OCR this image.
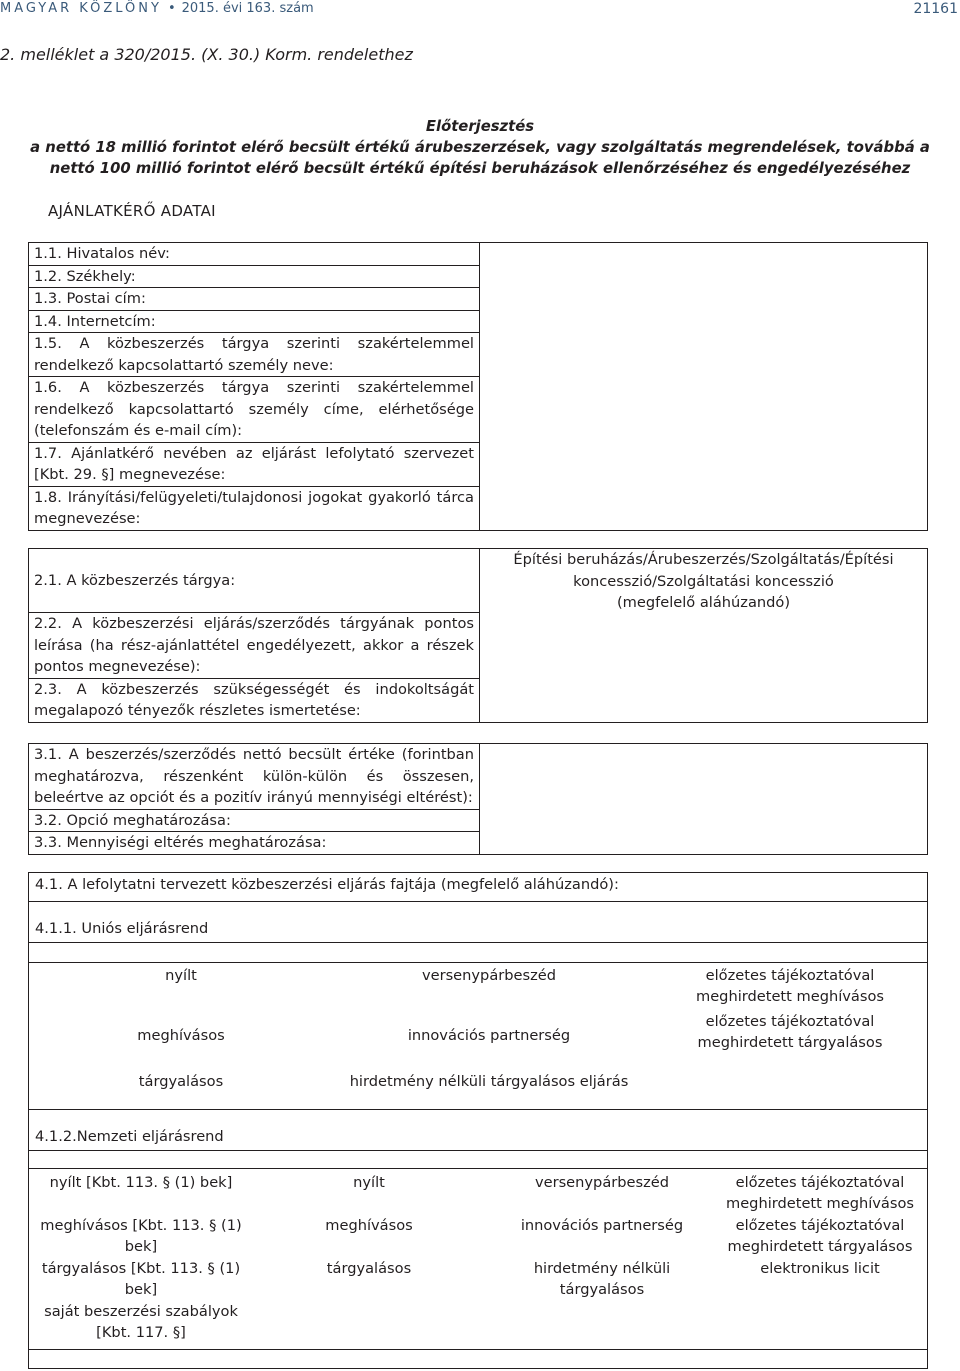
MAGYAR KÖZLÖNY • 2015. évi 163. szám	21161
2. melléklet a 320/2015. (X. 30.) Korm. rendelethez
Előterjesztés
a nettó 18 millió forintot elérő becsült értékű árubeszerzések, vagy szolgáltatás megrendelések, továbbá a
nettó 100 millió forintot elérő becsült értékű építési beruházások ellenőrzéséhez és engedélyezéséhez
AJÁNLATKÉRŐ ADATAI
1.1. Hivatalos név:	
1.2. Székhely:
1.3. Postai cím:
1.4. Internetcím:
1.5. A közbeszerzés tárgya szerinti szakértelemmel rendelkező kapcsolattartó személy neve:
1.6. A közbeszerzés tárgya szerinti szakértelemmel rendelkező kapcsolattartó személy címe, elérhetősége (telefonszám és e-mail cím):
1.7. Ajánlatkérő nevében az eljárást lefolytató szervezet [Kbt. 29. §] megnevezése:
1.8. Irányítási/felügyeleti/tulajdonosi jogokat gyakorló tárca megnevezése:
2.1. A közbeszerzés tárgya:	
Építési beruházás/Árubeszerzés/Szolgáltatás/Építési koncesszió/Szolgáltatási koncesszió
(megfelelő aláhúzandó)

2.2. A közbeszerzési eljárás/szerződés tárgyának pontos leírása (ha rész-ajánlattétel engedélyezett, akkor a részek pontos megnevezése):
2.3. A közbeszerzés szükségességét és indokoltságát megalapozó tényezők részletes ismertetése:
3.1. A beszerzés/szerződés nettó becsült értéke (forintban meghatározva, részenként külön-külön és összesen, beleértve az opciót és a pozitív irányú mennyiségi eltérést):	
3.2. Opció meghatározása:
3.3. Mennyiségi eltérés meghatározása:
4.1. A lefolytatni tervezett közbeszerzési eljárás fajtája (megfelelő aláhúzandó):
4.1.1. Uniós eljárásrend
nyílt	versenypárbeszéd	előzetes tájékoztatóval meghirdetett meghívásos
meghívásos	innovációs partnerség	előzetes tájékoztatóval meghirdetett tárgyalásos
tárgyalásos	hirdetmény nélküli tárgyalásos eljárás	
4.1.2.Nemzeti eljárásrend
nyílt [Kbt. 113. § (1) bek]	nyílt	versenypárbeszéd	előzetes tájékoztatóval meghirdetett meghívásos
meghívásos [Kbt. 113. § (1) bek]	meghívásos	innovációs partnerség	előzetes tájékoztatóval meghirdetett tárgyalásos
tárgyalásos [Kbt. 113. § (1) bek]	tárgyalásos	hirdetmény nélküli tárgyalásos	elektronikus licit
saját beszerzési szabályok [Kbt. 117. §]			
